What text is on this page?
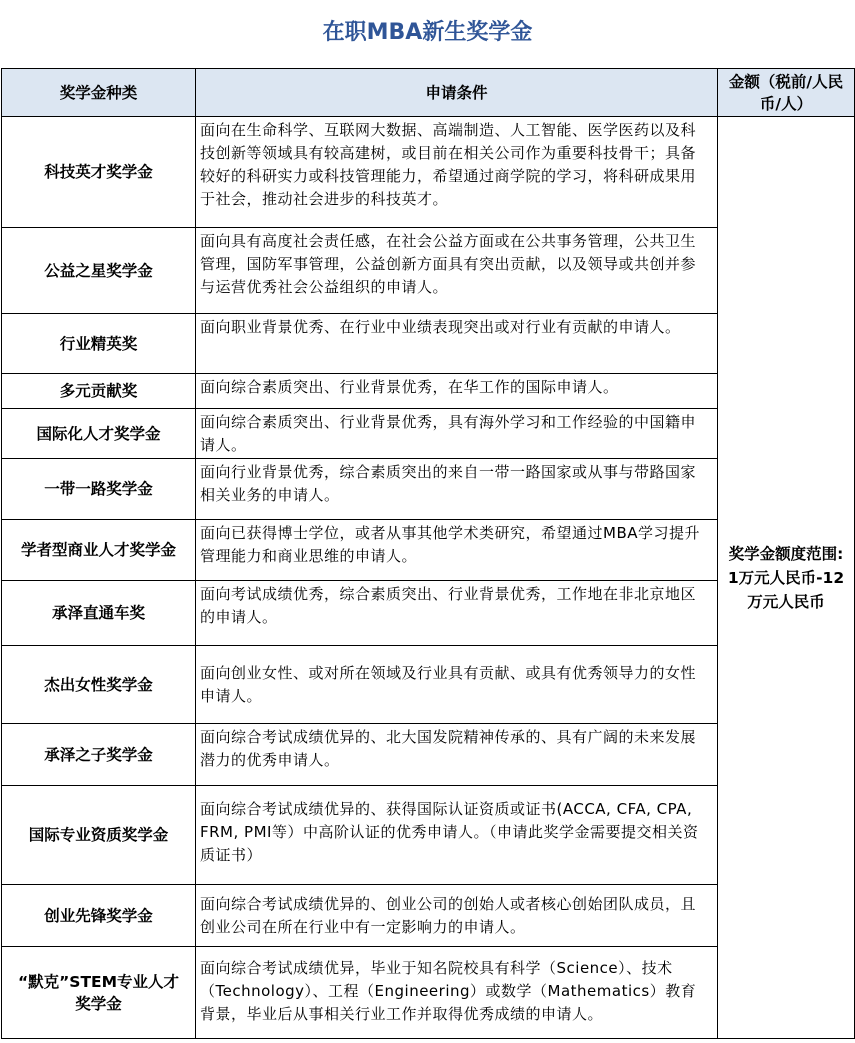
在职MBA新生奖学金
奖学金种类	申请条件	金额（税前/人民币/人）
科技英才奖学金	面向在生命科学、互联网大数据、高端制造、人工智能、医学医药以及科技创新等领域具有较高建树，或目前在相关公司作为重要科技骨干；具备较好的科研实力或科技管理能力，希望通过商学院的学习，将科研成果用于社会，推动社会进步的科技英才。	奖学金额度范围: 1万元人民币-12万元人民币
公益之星奖学金	面向具有高度社会责任感，在社会公益方面或在公共事务管理，公共卫生管理，国防军事管理，公益创新方面具有突出贡献，以及领导或共创并参与运营优秀社会公益组织的申请人。	
行业精英奖	面向职业背景优秀、在行业中业绩表现突出或对行业有贡献的申请人。	
多元贡献奖	面向综合素质突出、行业背景优秀，在华工作的国际申请人。	
国际化人才奖学金	面向综合素质突出、行业背景优秀，具有海外学习和工作经验的中国籍申请人。	
一带一路奖学金	面向行业背景优秀，综合素质突出的来自一带一路国家或从事与带路国家相关业务的申请人。	
学者型商业人才奖学金	面向已获得博士学位，或者从事其他学术类研究，希望通过MBA学习提升管理能力和商业思维的申请人。	
承泽直通车奖	面向考试成绩优秀，综合素质突出、行业背景优秀，工作地在非北京地区的申请人。	
杰出女性奖学金	面向创业女性、或对所在领域及行业具有贡献、或具有优秀领导力的女性申请人。	
承泽之子奖学金	面向综合考试成绩优异的、北大国发院精神传承的、具有广阔的未来发展潜力的优秀申请人。	
国际专业资质奖学金	面向综合考试成绩优异的、获得国际认证资质或证书(ACCA, CFA, CPA, FRM, PMI等）中高阶认证的优秀申请人。（申请此奖学金需要提交相关资质证书）	
创业先锋奖学金	面向综合考试成绩优异的、创业公司的创始人或者核心创始团队成员，且创业公司在所在行业中有一定影响力的申请人。	
“默克”STEM专业人才奖学金	面向综合考试成绩优异，毕业于知名院校具有科学（Science）、技术（Technology）、工程（Engineering）或数学（Mathematics）教育背景，毕业后从事相关行业工作并取得优秀成绩的申请人。	
